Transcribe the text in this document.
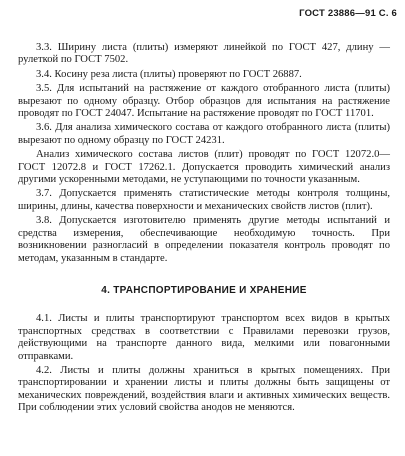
ГОСТ 23886—91 С. 6

3.3. Ширину листа (плиты) измеряют линейкой по ГОСТ 427, длину — рулеткой по ГОСТ 7502.

3.4. Косину реза листа (плиты) проверяют по ГОСТ 26887.

3.5. Для испытаний на растяжение от каждого отобранного листа (плиты) вырезают по одному образцу. Отбор образцов для испытания на растяжение проводят по ГОСТ 24047. Испытание на растяжение проводят по ГОСТ 11701.

3.6. Для анализа химического состава от каждого отобранного листа (плиты) вырезают по одному образцу по ГОСТ 24231.

Анализ химического состава листов (плит) проводят по ГОСТ 12072.0—ГОСТ 12072.8 и ГОСТ 17262.1. Допускается проводить химический анализ другими ускоренными методами, не уступающими по точности указанным.

3.7. Допускается применять статистические методы контроля толщины, ширины, длины, качества поверхности и механических свойств листов (плит).

3.8. Допускается изготовителю применять другие методы испытаний и средства измерения, обеспечивающие необходимую точность. При возникновении разногласий в определении показателя контроль проводят по методам, указанным в стандарте.

4. ТРАНСПОРТИРОВАНИЕ И ХРАНЕНИЕ

4.1. Листы и плиты транспортируют транспортом всех видов в крытых транспортных средствах в соответствии с Правилами перевозки грузов, действующими на транспорте данного вида, мелкими или повагонными отправками.

4.2. Листы и плиты должны храниться в крытых помещениях. При транспортировании и хранении листы и плиты должны быть защищены от механических повреждений, воздействия влаги и активных химических веществ. При соблюдении этих условий свойства анодов не меняются.
